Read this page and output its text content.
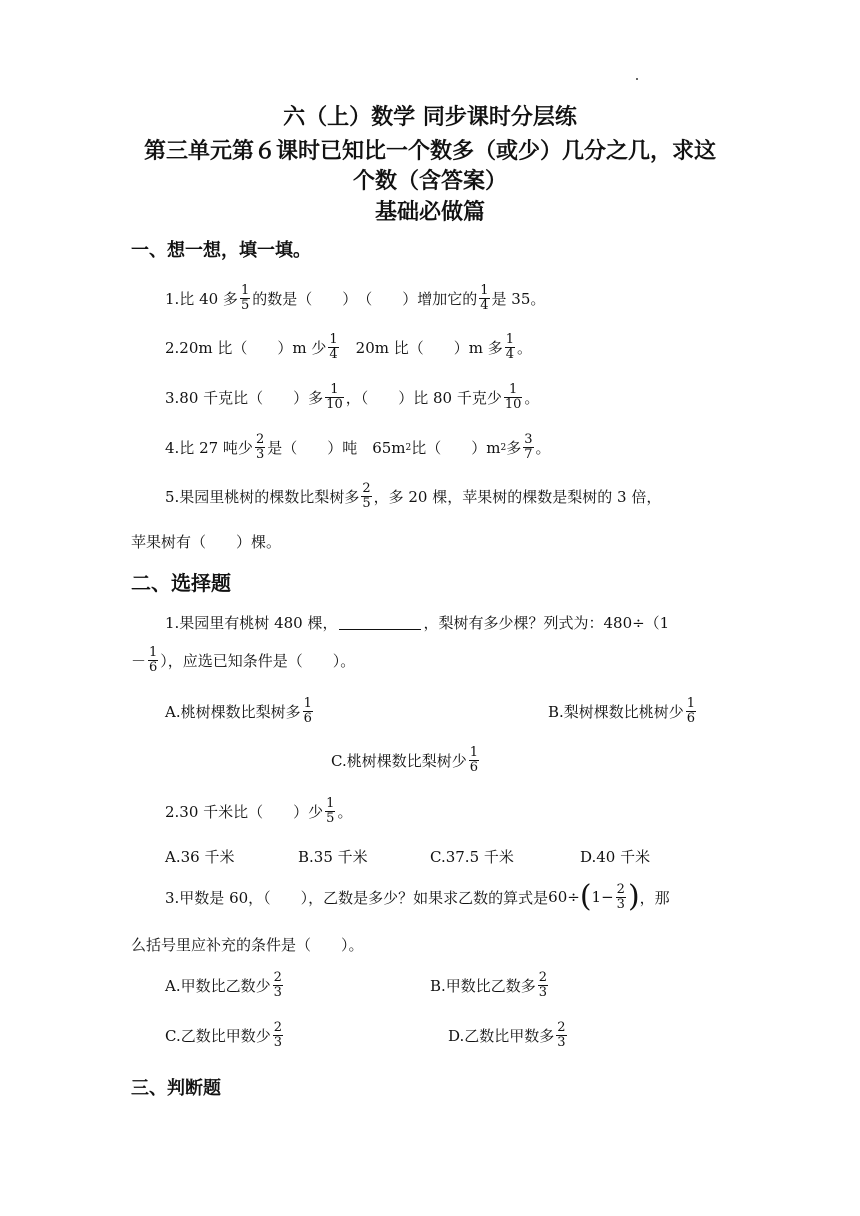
六（上）数学 同步课时分层练
第三单元第６课时已知比一个数多（或少）几分之几，求这
个数（含答案）
基础必做篇
一、想一想，填一填。
1.比 40 多 $\frac{1}{5}$ 的数是（　　）　（　　）增加它的 $\frac{1}{4}$ 是 35。
2.20m 比（　　）m 少 $\frac{1}{4}$ 　20m 比（　　）m 多 $\frac{1}{4}$ 。
3.80 千克比（　　）多 $\frac{1}{10}$ ，（　　）比 80 千克少 $\frac{1}{10}$ 。
4.比 27 吨少 $\frac{2}{3}$ 是（　　）吨　65m 2 比（　　）m 2 多 $\frac{3}{7}$ 。
5.果园里桃树的棵数比梨树多 $\frac{2}{5}$ ，多 20 棵，苹果树的棵数是梨树的 3 倍，
苹果树有（　　）棵。
二、选择题
1.果园里有桃树 480 棵，	，梨树有多少棵？列式为：480÷（1
－ $\frac{1}{6}$ ），应选已知条件是（　　）。
A.桃树棵数比梨树多 $\frac{1}{6}$	B.梨树棵数比桃树少 $\frac{1}{6}$
C.桃树棵数比梨树少 $\frac{1}{6}$
2.30 千米比（　　）少 $\frac{1}{5}$ 。
A.36 千米	B.35 千米	C.37.5 千米	D.40 千米
3.甲数是 60，（　　），乙数是多少？如果求乙数的算式是 60÷ ( $1- \frac{2}{3}$ ) ，那
么括号里应补充的条件是（　　）。
A.甲数比乙数少 $\frac{2}{3}$	B.甲数比乙数多 $\frac{2}{3}$
C.乙数比甲数少 $\frac{2}{3}$	D.乙数比甲数多 $\frac{2}{3}$
三、判断题
